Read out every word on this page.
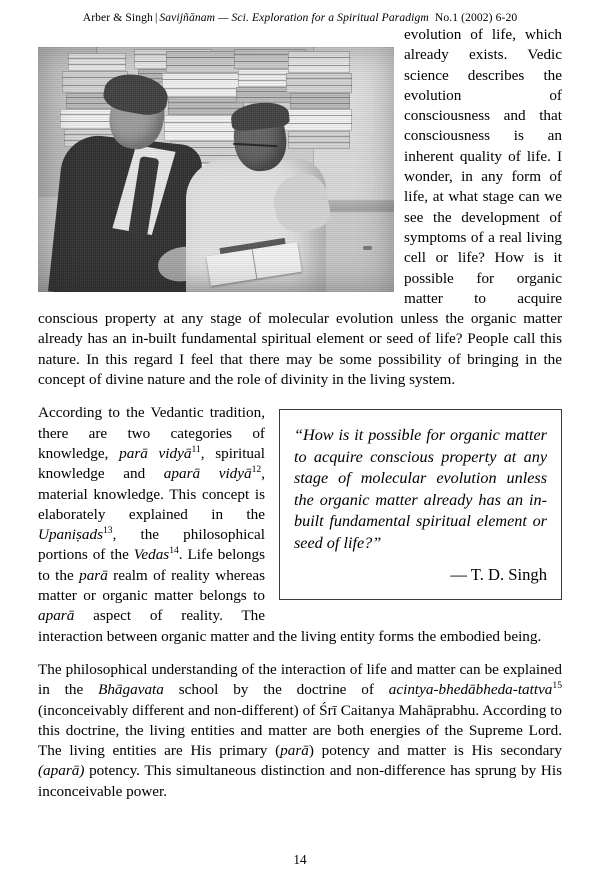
Arber & Singh | Savijñānam — Sci. Exploration for a Spiritual Paradigm No.1 (2002) 6-20

evolution of life, which already exists. Vedic science describes the evolution of consciousness and that consciousness is an inherent quality of life. I wonder, in any form of life, at what stage can we see the development of symptoms of a real living cell or life? How is it possible for organic matter to acquire conscious property at any stage of molecular evolution unless the organic matter already has an in-built fundamental spiritual element or seed of life? People call this nature. In this regard I feel that there may be some possibility of bringing in the concept of divine nature and the role of divinity in the living system.

“How is it possible for organic matter to acquire conscious property at any stage of molecular evolution unless the organic matter already has an in-built fundamental spiritual element or seed of life?”

— T. D. Singh

According to the Vedantic tradition, there are two categories of knowledge, parā vidyā$^{11}$, spiritual knowledge and aparā vidyā$^{12}$, material knowledge. This concept is elaborately explained in the Upaniṣads$^{13}$, the philosophical portions of the Vedas$^{14}$. Life belongs to the parā realm of reality whereas matter or organic matter belongs to aparā aspect of reality. The interaction between organic matter and the living entity forms the embodied being.

The philosophical understanding of the interaction of life and matter can be explained in the Bhāgavata school by the doctrine of acintya-bhedābheda-tattva$^{15}$ (inconceivably different and non-different) of Śrī Caitanya Mahāprabhu. According to this doctrine, the living entities and matter are both energies of the Supreme Lord. The living entities are His primary (parā) potency and matter is His secondary (aparā) potency. This simultaneous distinction and non-difference has sprung by His inconceivable power.

14
